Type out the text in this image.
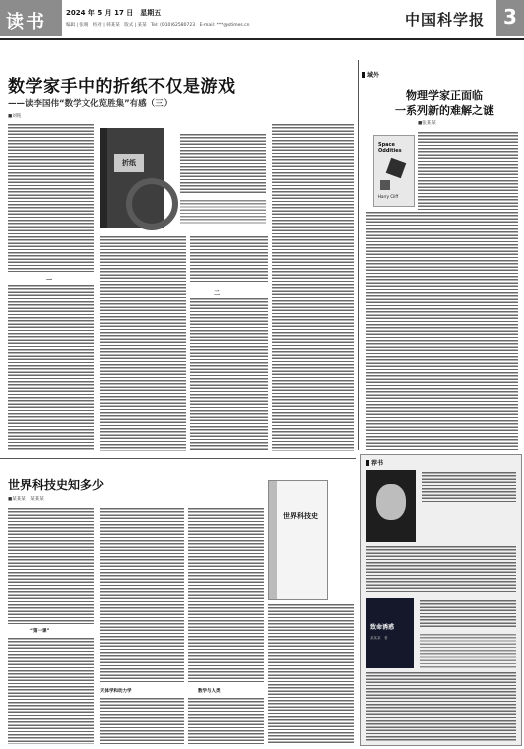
读书	2024 年 5 月 17 日　星期五
编辑 | 张晴　校对 | 韩某某　版式 | 某某　Tel: (010)62580723　E-mail: ***@stimes.cn	中国科学报 3
数学家手中的折纸不仅是游戏
——读李国伟“数学文化览胜集”有感（三）
■刘钝
一
折纸
二
域外
物理学家正面临
一系列新的难解之谜
■张某某
Space Oddities
Harry Cliff
世界科技史知多少
■某某某　某某某
“第一课”
天体学和动力学	数学与人类
世界科技史
荐书
致命诱惑
某某某　著
